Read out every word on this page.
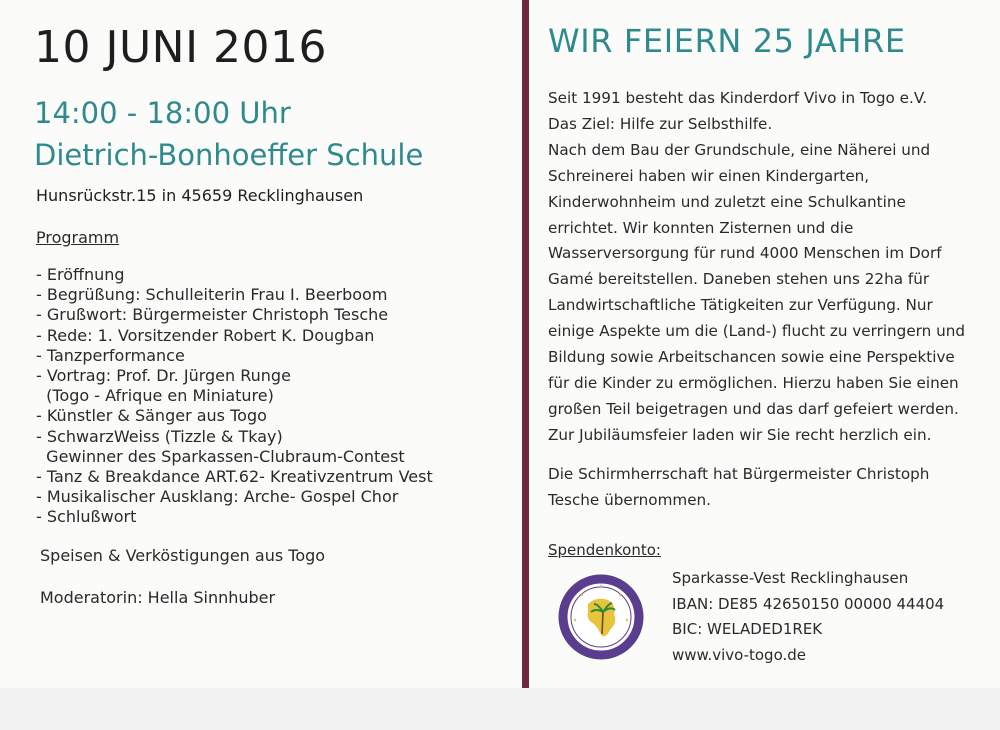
10 JUNI 2016
14:00 - 18:00 Uhr
Dietrich-Bonhoeffer Schule
Hunsrückstr.15 in 45659 Recklinghausen
Programm
- Eröffnung
- Begrüßung: Schulleiterin Frau I. Beerboom
- Grußwort: Bürgermeister Christoph Tesche
- Rede: 1. Vorsitzender Robert K. Dougban
- Tanzperformance
- Vortrag: Prof. Dr. Jürgen Runge
(Togo - Afrique en Miniature)
- Künstler & Sänger aus Togo
- SchwarzWeiss (Tizzle & Tkay)
Gewinner des Sparkassen-Clubraum-Contest
- Tanz & Breakdance ART.62- Kreativzentrum Vest
- Musikalischer Ausklang: Arche- Gospel Chor
- Schlußwort
Speisen & Verköstigungen aus Togo
Moderatorin: Hella Sinnhuber
WIR FEIERN 25 JAHRE
Seit 1991 besteht das Kinderdorf Vivo in Togo e.V.
Das Ziel: Hilfe zur Selbsthilfe.
Nach dem Bau der Grundschule, eine Näherei und
Schreinerei haben wir einen Kindergarten,
Kinderwohnheim und zuletzt eine Schulkantine
errichtet. Wir konnten Zisternen und die
Wasserversorgung für rund 4000 Menschen im Dorf
Gamé bereitstellen. Daneben stehen uns 22ha für
Landwirtschaftliche Tätigkeiten zur Verfügung. Nur
einige Aspekte um die (Land-) flucht zu verringern und
Bildung sowie Arbeitschancen sowie eine Perspektive
für die Kinder zu ermöglichen. Hierzu haben Sie einen
großen Teil beigetragen und das darf gefeiert werden.
Zur Jubiläumsfeier laden wir Sie recht herzlich ein.
Die Schirmherrschaft hat Bürgermeister Christoph
Tesche übernommen.
Spendenkonto:
Sparkasse-Vest Recklinghausen
IBAN: DE85 42650150 00000 44404
BIC: WELADED1REK
www.vivo-togo.de
